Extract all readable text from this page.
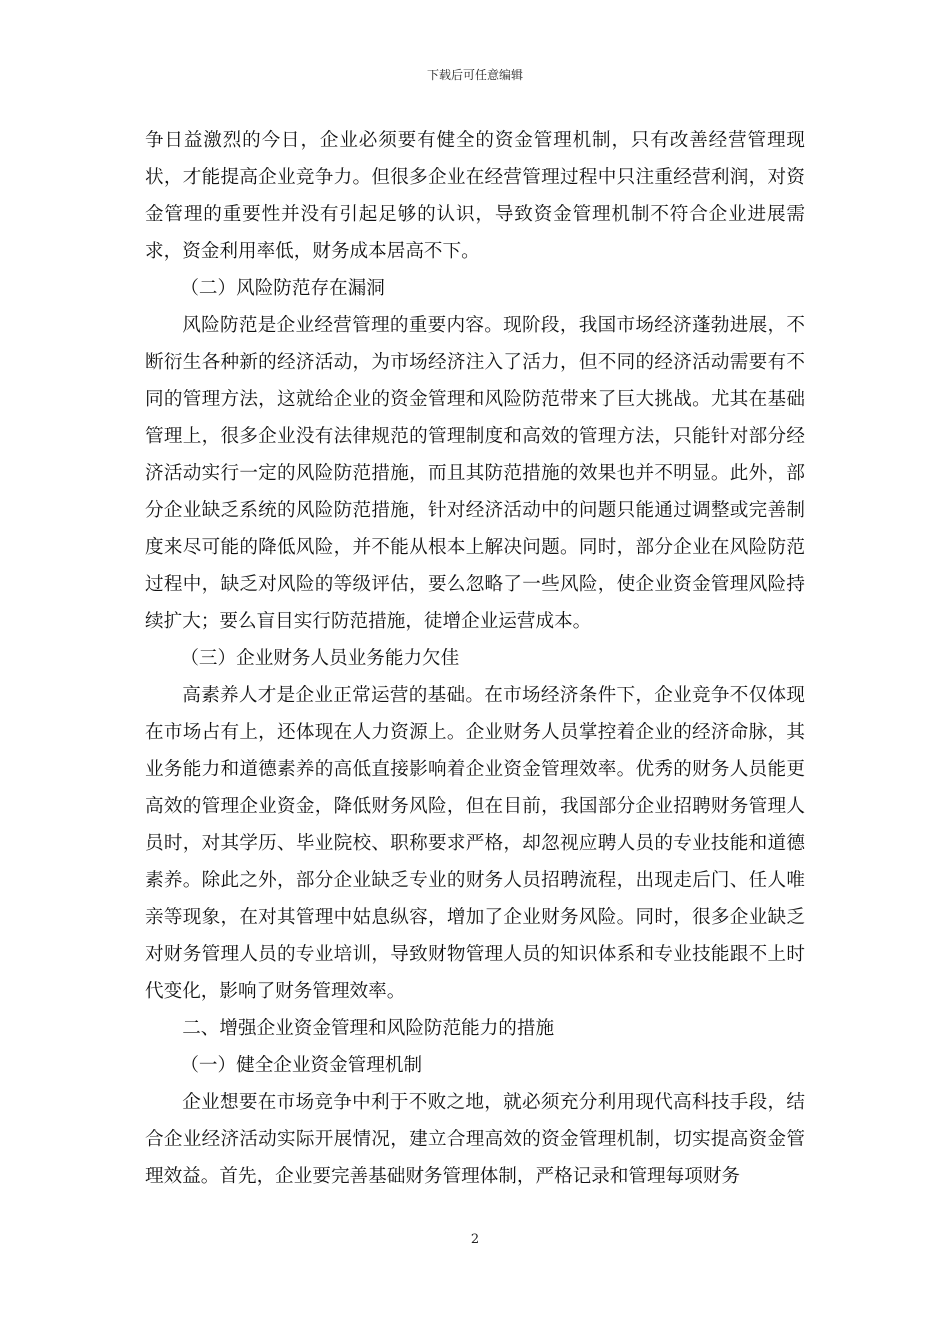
下载后可任意编辑

争日益激烈的今日，企业必须要有健全的资金管理机制，只有改善经营管理现状，才能提高企业竞争力。但很多企业在经营管理过程中只注重经营利润，对资金管理的重要性并没有引起足够的认识，导致资金管理机制不符合企业进展需求，资金利用率低，财务成本居高不下。

（二）风险防范存在漏洞

风险防范是企业经营管理的重要内容。现阶段，我国市场经济蓬勃进展，不断衍生各种新的经济活动，为市场经济注入了活力，但不同的经济活动需要有不同的管理方法，这就给企业的资金管理和风险防范带来了巨大挑战。尤其在基础管理上，很多企业没有法律规范的管理制度和高效的管理方法，只能针对部分经济活动实行一定的风险防范措施，而且其防范措施的效果也并不明显。此外，部分企业缺乏系统的风险防范措施，针对经济活动中的问题只能通过调整或完善制度来尽可能的降低风险，并不能从根本上解决问题。同时，部分企业在风险防范过程中，缺乏对风险的等级评估，要么忽略了一些风险，使企业资金管理风险持续扩大；要么盲目实行防范措施，徒增企业运营成本。

（三）企业财务人员业务能力欠佳

高素养人才是企业正常运营的基础。在市场经济条件下，企业竞争不仅体现在市场占有上，还体现在人力资源上。企业财务人员掌控着企业的经济命脉，其业务能力和道德素养的高低直接影响着企业资金管理效率。优秀的财务人员能更高效的管理企业资金，降低财务风险，但在目前，我国部分企业招聘财务管理人员时，对其学历、毕业院校、职称要求严格，却忽视应聘人员的专业技能和道德素养。除此之外，部分企业缺乏专业的财务人员招聘流程，出现走后门、任人唯亲等现象，在对其管理中姑息纵容，增加了企业财务风险。同时，很多企业缺乏对财务管理人员的专业培训，导致财物管理人员的知识体系和专业技能跟不上时代变化，影响了财务管理效率。

二、增强企业资金管理和风险防范能力的措施

（一）健全企业资金管理机制

企业想要在市场竞争中利于不败之地，就必须充分利用现代高科技手段，结合企业经济活动实际开展情况，建立合理高效的资金管理机制，切实提高资金管理效益。首先，企业要完善基础财务管理体制，严格记录和管理每项财务

2
